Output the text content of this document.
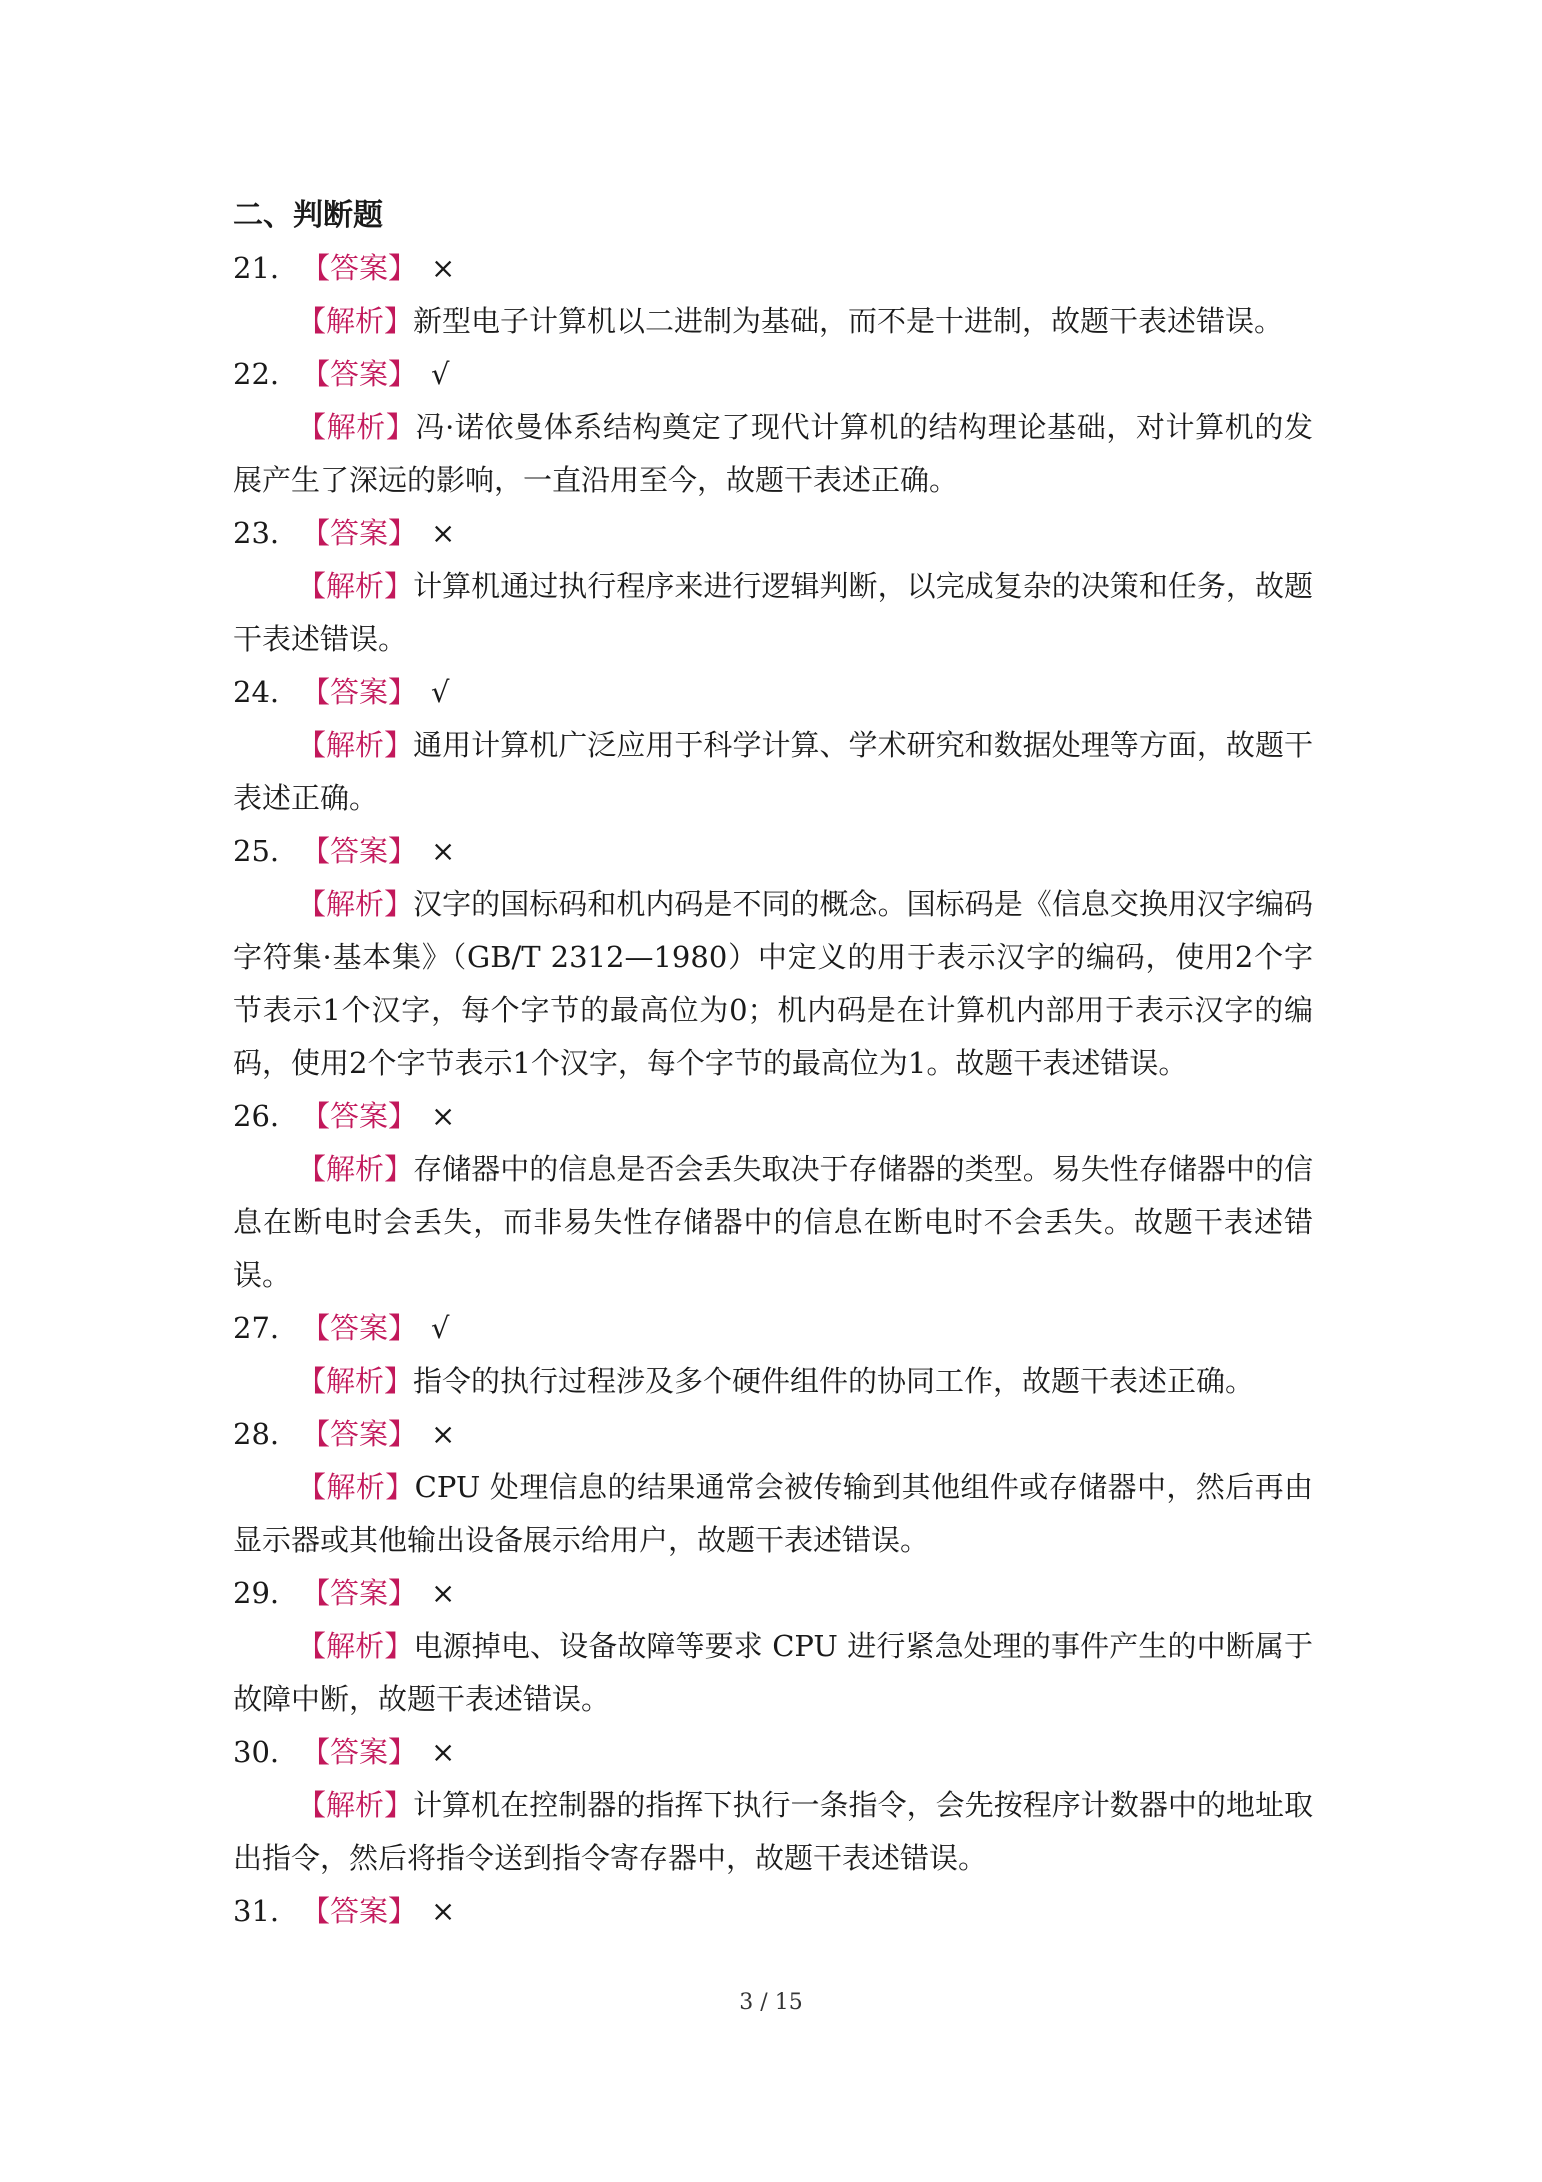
二、判断题
21. 【答案】 ×
【解析】新型电子计算机以二进制为基础，而不是十进制，故题干表述错误。
22. 【答案】 √
【解析】冯·诺依曼体系结构奠定了现代计算机的结构理论基础，对计算机的发展产生了深远的影响，一直沿用至今，故题干表述正确。
23. 【答案】 ×
【解析】计算机通过执行程序来进行逻辑判断，以完成复杂的决策和任务，故题干表述错误。
24. 【答案】 √
【解析】通用计算机广泛应用于科学计算、学术研究和数据处理等方面，故题干表述正确。
25. 【答案】 ×
【解析】汉字的国标码和机内码是不同的概念。国标码是《信息交换用汉字编码字符集·基本集》（GB/T 2312—1980）中定义的用于表示汉字的编码，使用2个字节表示1个汉字，每个字节的最高位为0；机内码是在计算机内部用于表示汉字的编码，使用2个字节表示1个汉字，每个字节的最高位为1。故题干表述错误。
26. 【答案】 ×
【解析】存储器中的信息是否会丢失取决于存储器的类型。易失性存储器中的信息在断电时会丢失，而非易失性存储器中的信息在断电时不会丢失。故题干表述错误。
27. 【答案】 √
【解析】指令的执行过程涉及多个硬件组件的协同工作，故题干表述正确。
28. 【答案】 ×
【解析】CPU 处理信息的结果通常会被传输到其他组件或存储器中，然后再由显示器或其他输出设备展示给用户，故题干表述错误。
29. 【答案】 ×
【解析】电源掉电、设备故障等要求 CPU 进行紧急处理的事件产生的中断属于故障中断，故题干表述错误。
30. 【答案】 ×
【解析】计算机在控制器的指挥下执行一条指令，会先按程序计数器中的地址取出指令，然后将指令送到指令寄存器中，故题干表述错误。
31. 【答案】 ×
3 / 15
